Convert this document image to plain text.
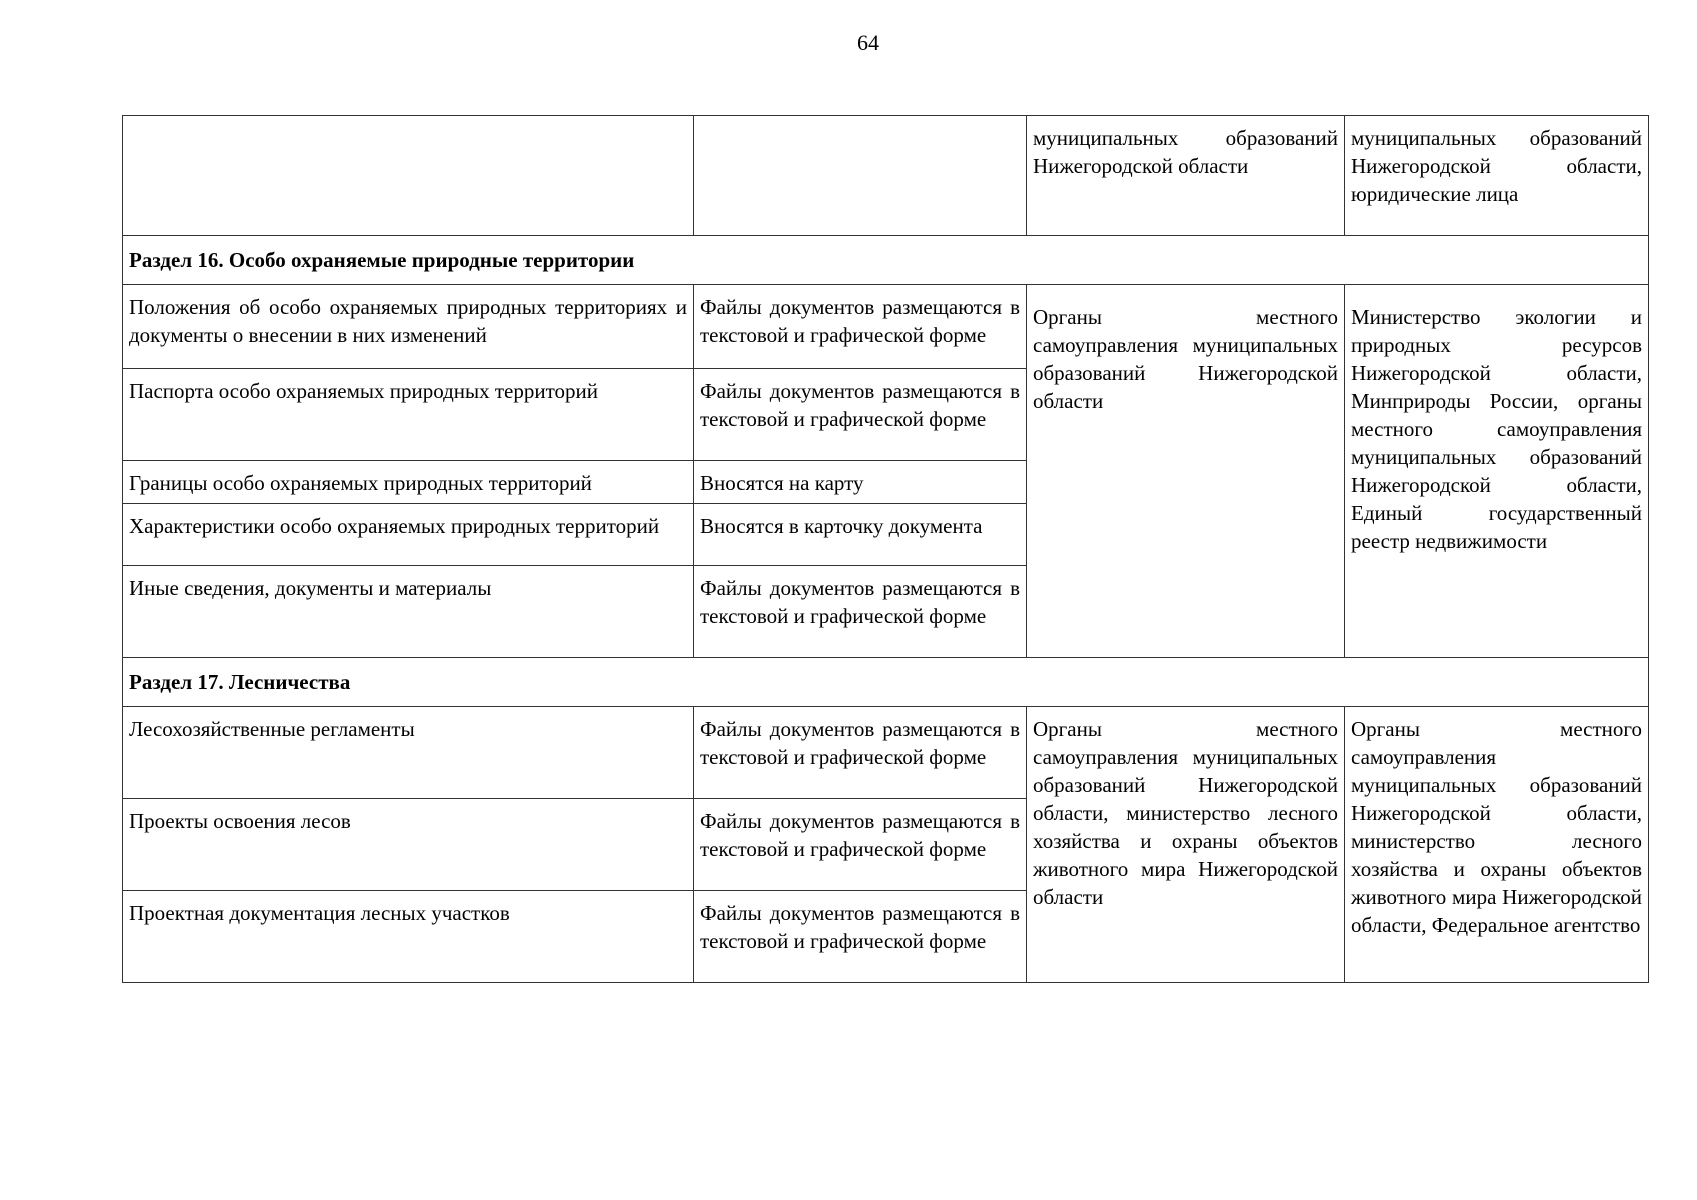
64
		муниципальных образований Нижегородской области	муниципальных образований Нижегородской области, юридические лица
Раздел 16. Особо охраняемые природные территории			
Положения об особо охраняемых природных территориях и документы о внесении в них изменений	Файлы документов размещаются в текстовой и графической форме	Органы местного самоуправления муниципальных образований Нижегородской области	Министерство экологии и природных ресурсов Нижегородской области, Минприроды России, органы местного самоуправления муниципальных образований Нижегородской области, Единый государственный реестр недвижимости
Паспорта особо охраняемых природных территорий	Файлы документов размещаются в текстовой и графической форме		
Границы особо охраняемых природных территорий	Вносятся на карту		
Характеристики особо охраняемых природных территорий	Вносятся в карточку документа		
Иные сведения, документы и материалы	Файлы документов размещаются в текстовой и графической форме		
Раздел 17. Лесничества			
Лесохозяйственные регламенты	Файлы документов размещаются в текстовой и графической форме	Органы местного самоуправления муниципальных образований Нижегородской области, министерство лесного хозяйства и охраны объектов животного мира Нижегородской области	Органы местного самоуправления муниципальных образований Нижегородской области, министерство лесного хозяйства и охраны объектов животного мира Нижегородской области, Федеральное агентство
Проекты освоения лесов	Файлы документов размещаются в текстовой и графической форме		
Проектная документация лесных участков	Файлы документов размещаются в текстовой и графической форме		
